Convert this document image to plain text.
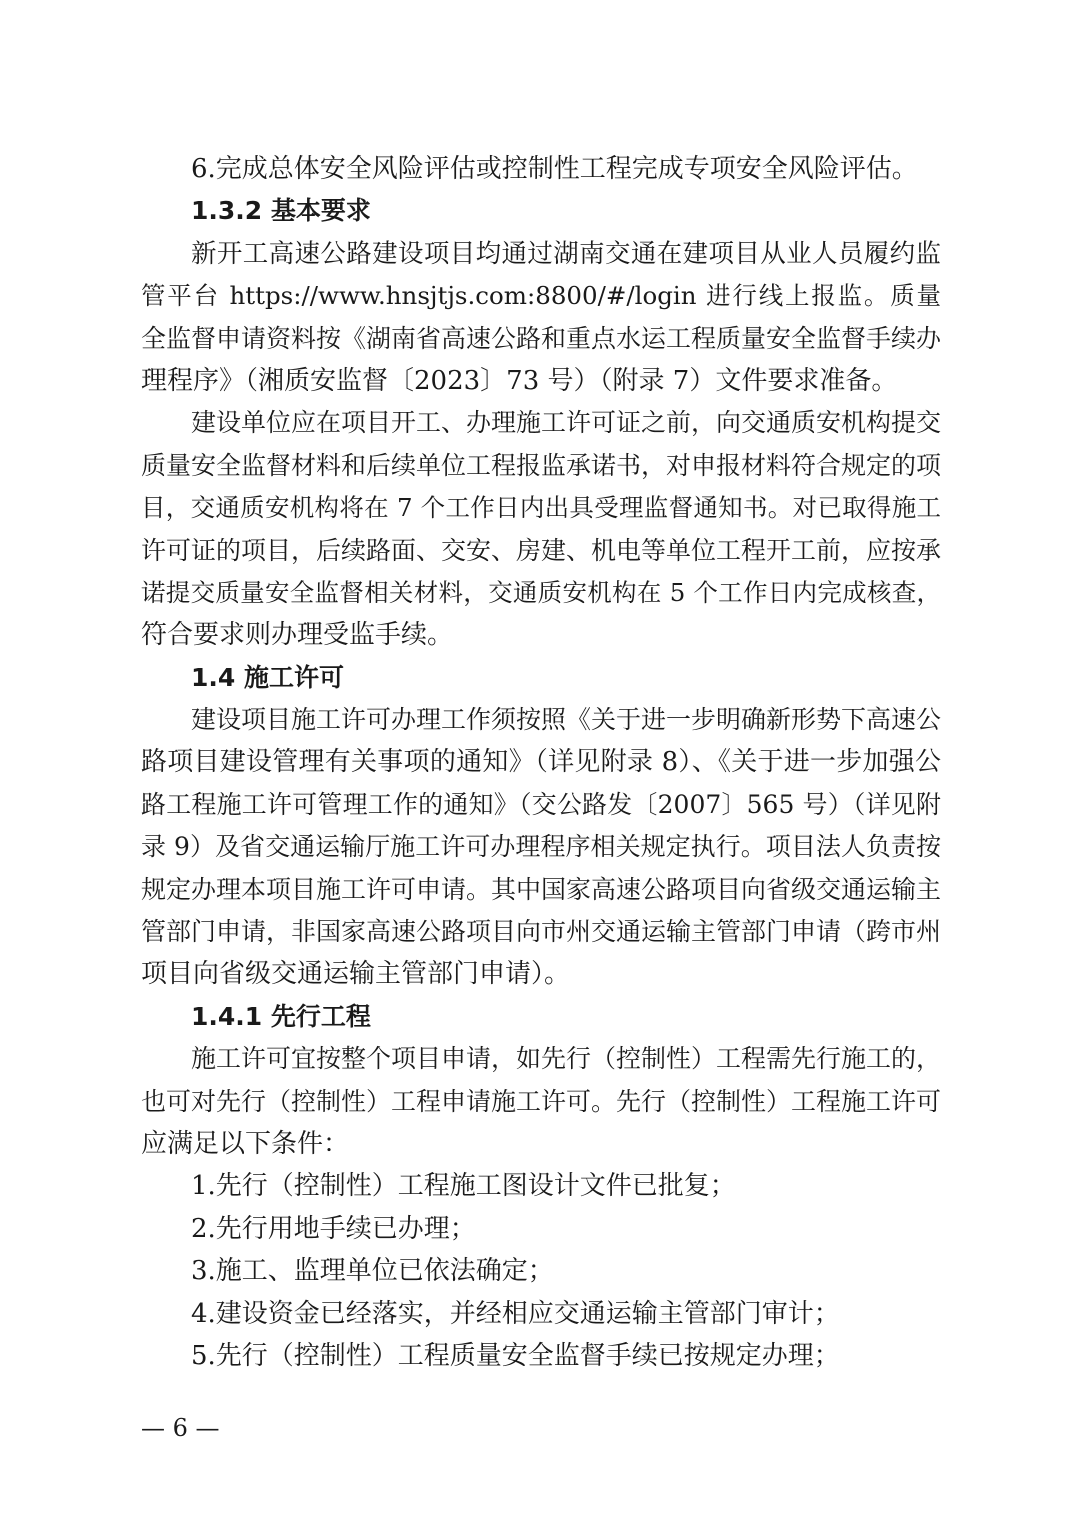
6.完成总体安全风险评估或控制性工程完成专项安全风险评估。
1.3.2 基本要求
新开工高速公路建设项目均通过湖南交通在建项目从业人员履约监
管平台 https://www.hnsjtjs.com:8800/#/login 进行线上报监。质量
全监督申请资料按《湖南省高速公路和重点水运工程质量安全监督手续办
理程序》（湘质安监督〔2023〕73 号）（附录 7）文件要求准备。
建设单位应在项目开工、办理施工许可证之前，向交通质安机构提交
质量安全监督材料和后续单位工程报监承诺书，对申报材料符合规定的项
目，交通质安机构将在 7 个工作日内出具受理监督通知书。对已取得施工
许可证的项目，后续路面、交安、房建、机电等单位工程开工前，应按承
诺提交质量安全监督相关材料，交通质安机构在 5 个工作日内完成核查，
符合要求则办理受监手续。
1.4 施工许可
建设项目施工许可办理工作须按照《关于进一步明确新形势下高速公
路项目建设管理有关事项的通知》（详见附录 8）、《关于进一步加强公
路工程施工许可管理工作的通知》（交公路发〔2007〕565 号）（详见附
录 9）及省交通运输厅施工许可办理程序相关规定执行。项目法人负责按
规定办理本项目施工许可申请。其中国家高速公路项目向省级交通运输主
管部门申请，非国家高速公路项目向市州交通运输主管部门申请（跨市州
项目向省级交通运输主管部门申请）。
1.4.1 先行工程
施工许可宜按整个项目申请，如先行（控制性）工程需先行施工的，
也可对先行（控制性）工程申请施工许可。先行（控制性）工程施工许可
应满足以下条件：
1.先行（控制性）工程施工图设计文件已批复；
2.先行用地手续已办理；
3.施工、监理单位已依法确定；
4.建设资金已经落实，并经相应交通运输主管部门审计；
5.先行（控制性）工程质量安全监督手续已按规定办理；
— 6 —
